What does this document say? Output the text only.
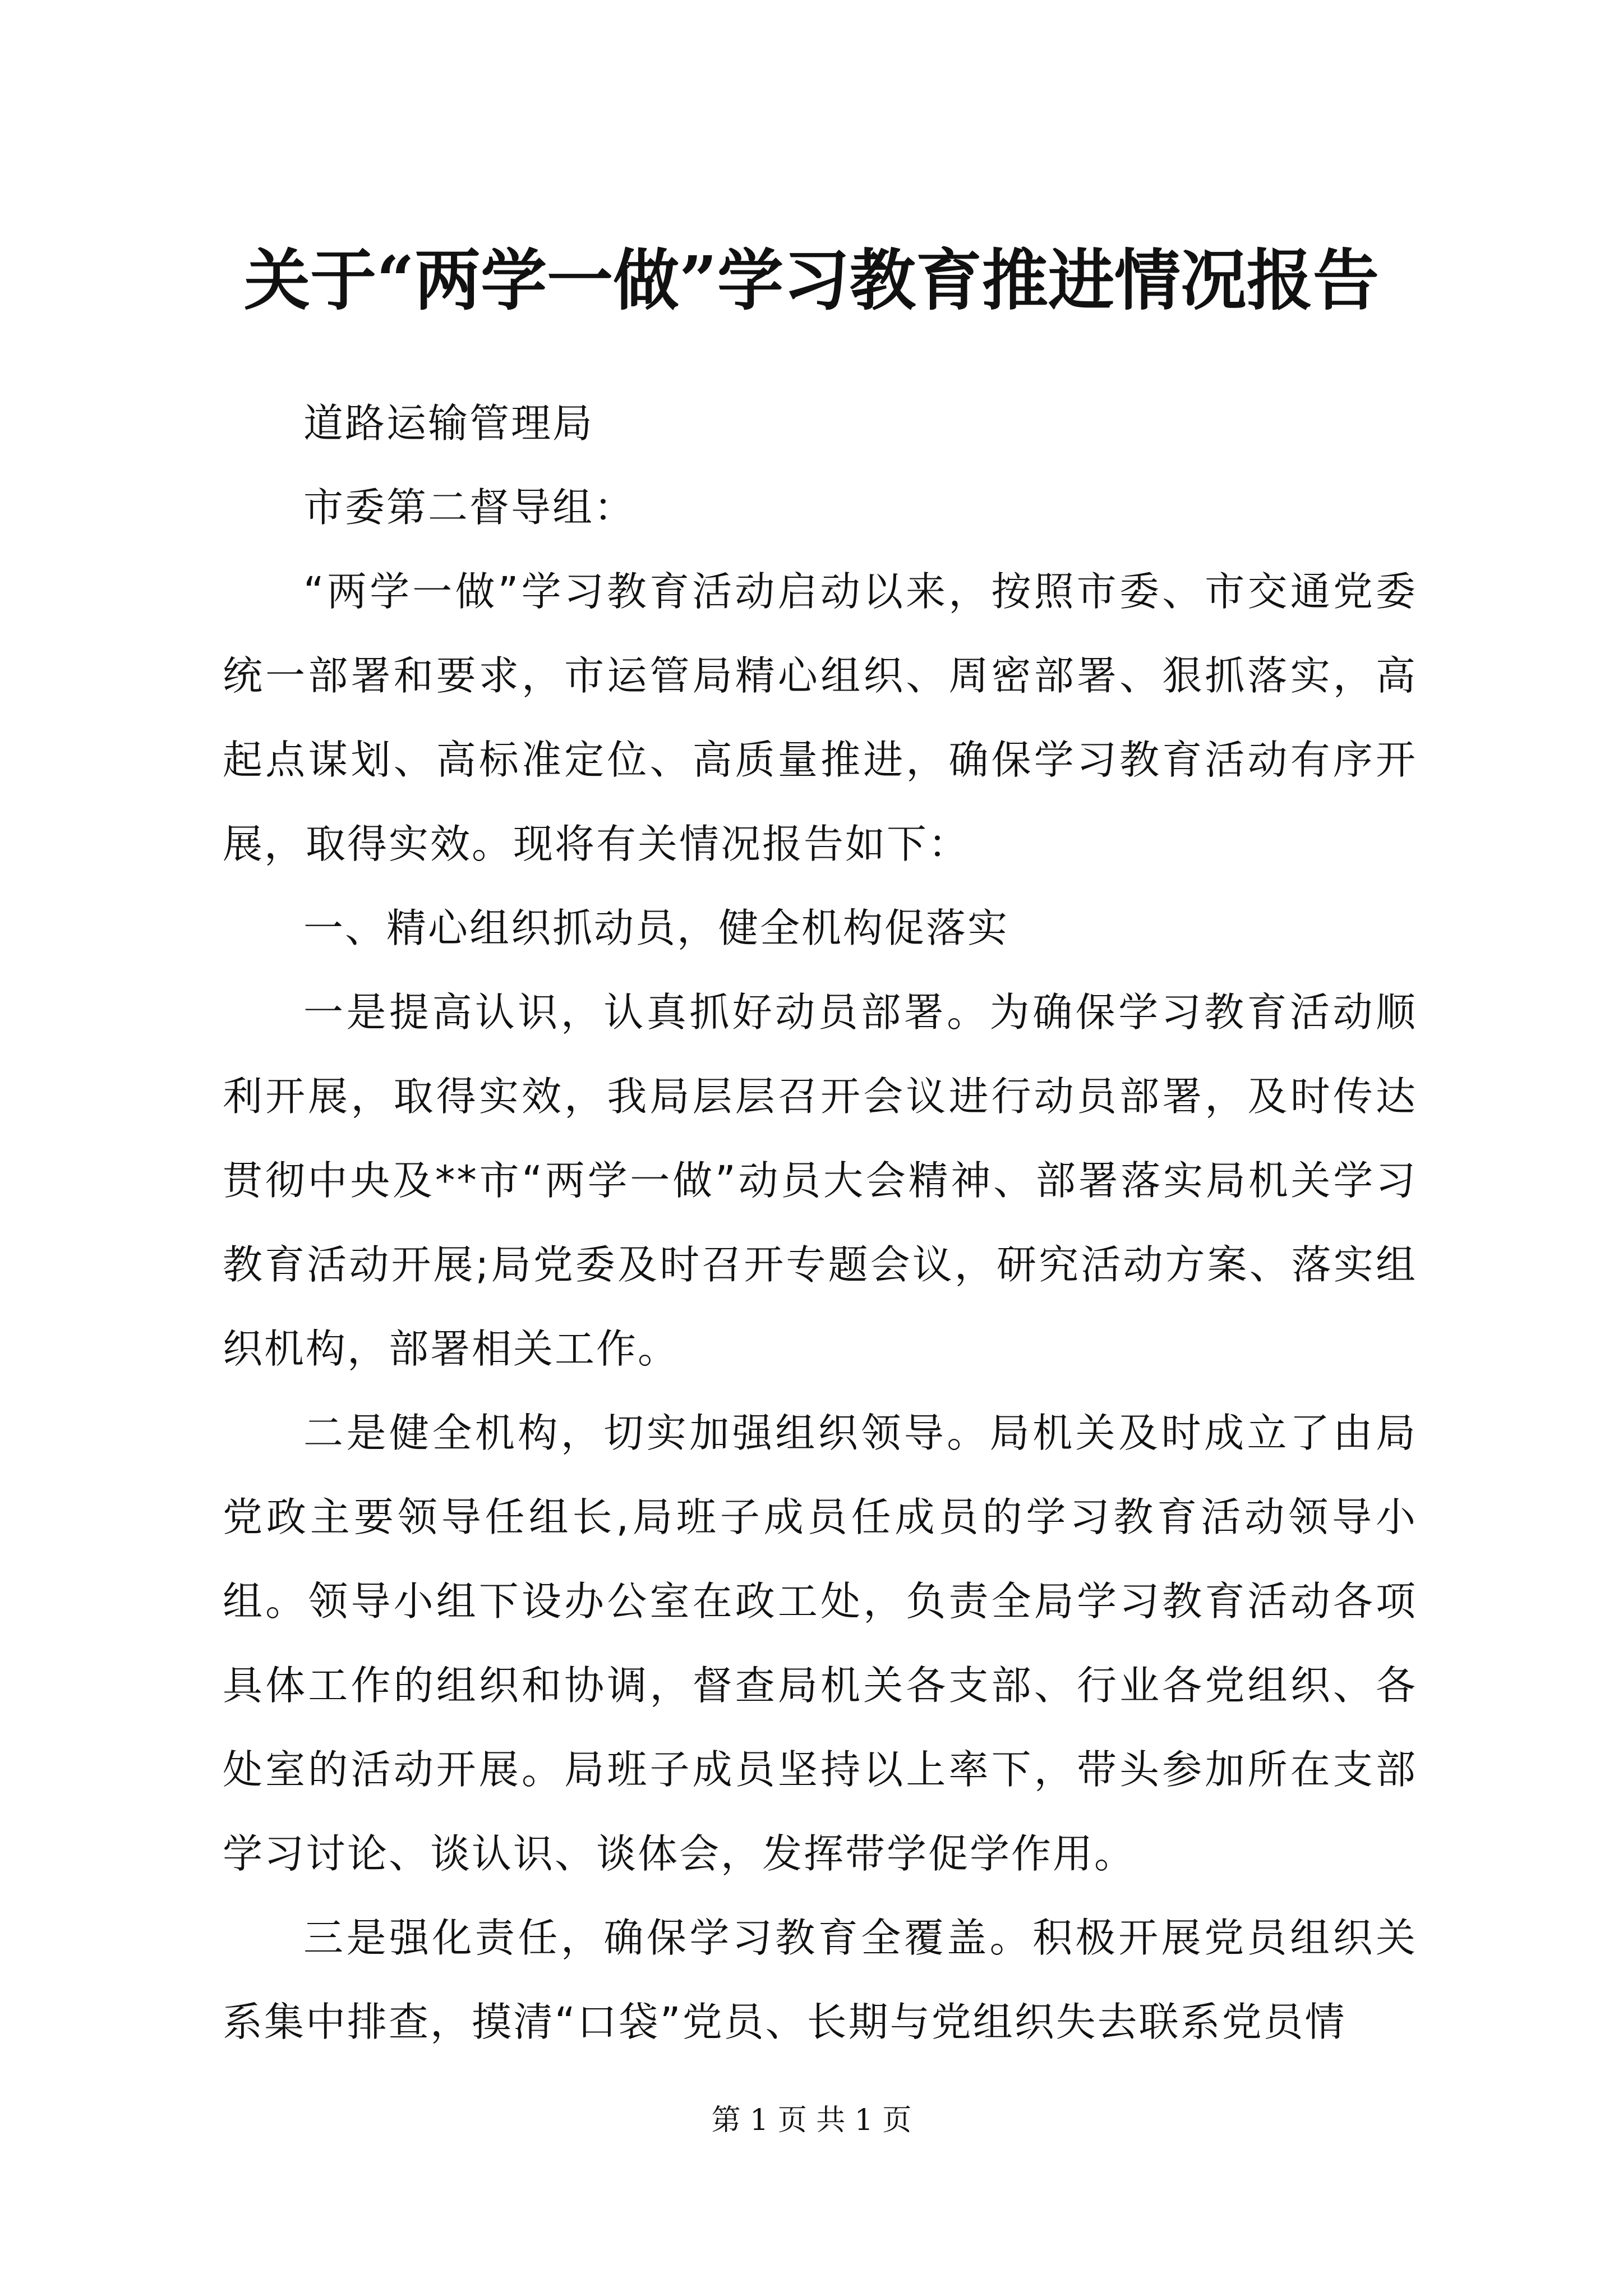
关于“两学一做”学习教育推进情况报告

道路运输管理局

市委第二督导组：

“两学一做”学习教育活动启动以来，按照市委、市交通党委统一部署和要求，市运管局精心组织、周密部署、狠抓落实，高起点谋划、高标准定位、高质量推进，确保学习教育活动有序开展，取得实效。现将有关情况报告如下：

一、精心组织抓动员，健全机构促落实

一是提高认识，认真抓好动员部署。为确保学习教育活动顺利开展，取得实效，我局层层召开会议进行动员部署，及时传达贯彻中央及**市“两学一做”动员大会精神、部署落实局机关学习教育活动开展;局党委及时召开专题会议，研究活动方案、落实组织机构，部署相关工作。

二是健全机构，切实加强组织领导。局机关及时成立了由局党政主要领导任组长,局班子成员任成员的学习教育活动领导小组。领导小组下设办公室在政工处，负责全局学习教育活动各项具体工作的组织和协调，督查局机关各支部、行业各党组织、各处室的活动开展。局班子成员坚持以上率下，带头参加所在支部学习讨论、谈认识、谈体会，发挥带学促学作用。

三是强化责任，确保学习教育全覆盖。积极开展党员组织关系集中排查，摸清“口袋”党员、长期与党组织失去联系党员情

第 1 页 共 1 页
